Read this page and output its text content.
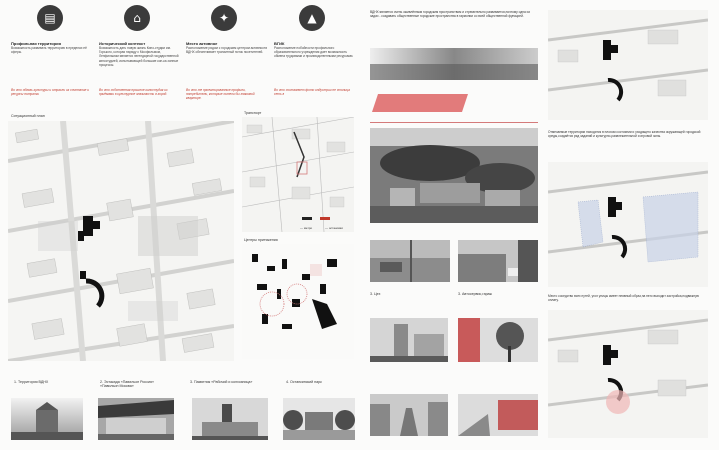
▤	⌂	✦	▲
Профильная территория
Возможность развивать территорию в пределах её сферы.
Во что обвязь культуры и отрасли из сочетание и ресурсы потраты
Исторический контекст
Возможность дать новую жизнь Кино-студии им. Горького, которая наряду с Мосфильмом, Ленфильмом является легендарной государственной киностудией, испытывающей большие кон-ка зонные процессы.
Во что собственная прошлое киностудия из приёмами в культурное значимость в город.
Место активное
Расположение рядом с городским центром активности ВДНХ обеспечивает транзитный поток посетителей.
Во что те проектированные профили, потребители, которые хотели бы знакомой квартире.
ВГИК
Расположение побойности профильного образовательного учреждения дает возможность обмена трудовыми и производственными ресурсами.
Во что составляет фото индустрии не столица сеть в
Ситуационный план
Транспорт
— метро	— остановки
Центры притяжения
1. Территория ВДНХ	2. Эстакада «Павильон Россия» «Павильон Москва»
3. Памятник «Рабочий и колхозница»	4. Останкинский парк
ВДНХ является очень оживлённым городским пространством и стремительно развивается,поэтому одна из задач - создавать общественные городские пространства в гармонии со всей общественной функцией.
3. Цех	3. Автосервис,гараж
Отмечаемые территории находятся в плохом состоянии и уходящего качества окружающей городской среды,создаётся ряд заданий и культурно-развлекательной и игровой зоны.
Место соседство всех путей, угол улицы имеет неявный образ,на него выходит застройка,подвижную оплату.
